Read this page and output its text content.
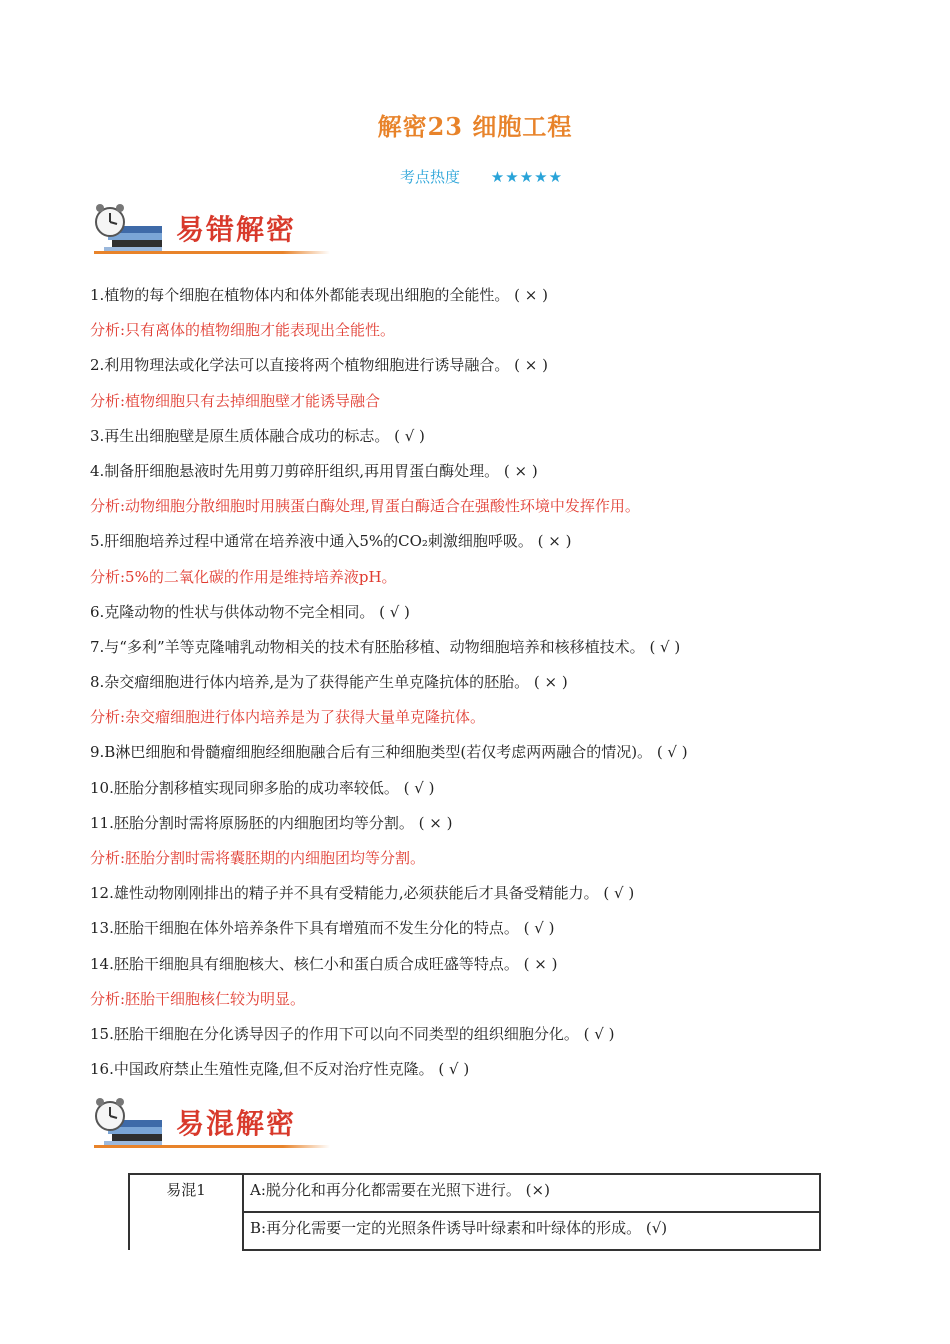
解密23 细胞工程
考点热度 ★★★★★
易错解密
1.植物的每个细胞在植物体内和体外都能表现出细胞的全能性。 ( × )
分析:只有离体的植物细胞才能表现出全能性。
2.利用物理法或化学法可以直接将两个植物细胞进行诱导融合。 ( × )
分析:植物细胞只有去掉细胞壁才能诱导融合
3.再生出细胞壁是原生质体融合成功的标志。 ( √ )
4.制备肝细胞悬液时先用剪刀剪碎肝组织,再用胃蛋白酶处理。 ( × )
分析:动物细胞分散细胞时用胰蛋白酶处理,胃蛋白酶适合在强酸性环境中发挥作用。
5.肝细胞培养过程中通常在培养液中通入5%的CO₂刺激细胞呼吸。 ( × )
分析:5%的二氧化碳的作用是维持培养液pH。
6.克隆动物的性状与供体动物不完全相同。 ( √ )
7.与“多利”羊等克隆哺乳动物相关的技术有胚胎移植、动物细胞培养和核移植技术。 ( √ )
8.杂交瘤细胞进行体内培养,是为了获得能产生单克隆抗体的胚胎。 ( × )
分析:杂交瘤细胞进行体内培养是为了获得大量单克隆抗体。
9.B淋巴细胞和骨髓瘤细胞经细胞融合后有三种细胞类型(若仅考虑两两融合的情况)。 ( √ )
10.胚胎分割移植实现同卵多胎的成功率较低。 ( √ )
11.胚胎分割时需将原肠胚的内细胞团均等分割。 ( × )
分析:胚胎分割时需将囊胚期的内细胞团均等分割。
12.雄性动物刚刚排出的精子并不具有受精能力,必须获能后才具备受精能力。 ( √ )
13.胚胎干细胞在体外培养条件下具有增殖而不发生分化的特点。 ( √ )
14.胚胎干细胞具有细胞核大、核仁小和蛋白质合成旺盛等特点。 ( × )
分析:胚胎干细胞核仁较为明显。
15.胚胎干细胞在分化诱导因子的作用下可以向不同类型的组织细胞分化。 ( √ )
16.中国政府禁止生殖性克隆,但不反对治疗性克隆。 ( √ )
易混解密
易混1	A:脱分化和再分化都需要在光照下进行。 (×)
	B:再分化需要一定的光照条件诱导叶绿素和叶绿体的形成。 (√)
